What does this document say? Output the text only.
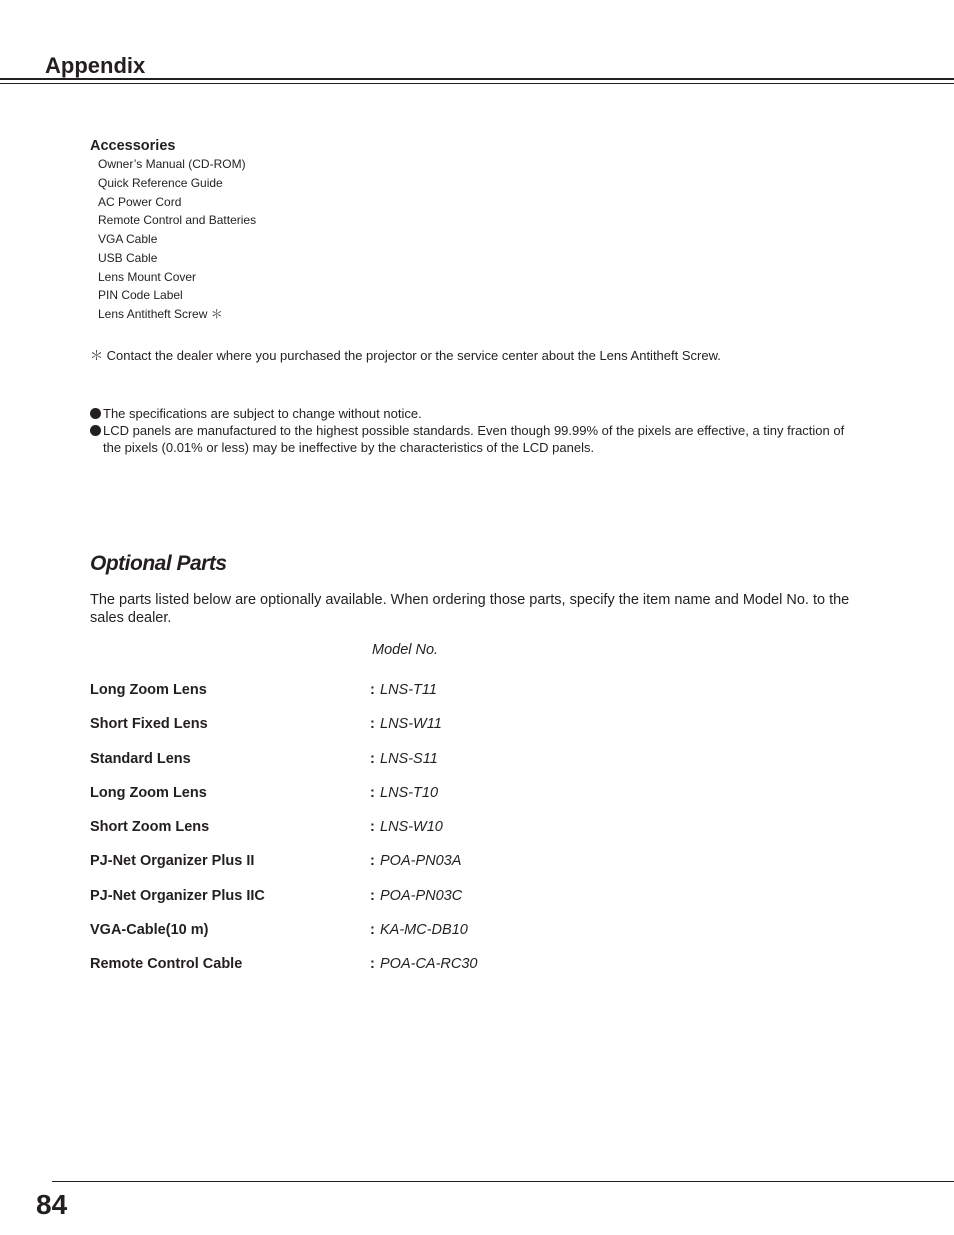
Appendix
Accessories
Owner’s Manual (CD-ROM)
Quick Reference Guide
AC Power Cord
Remote Control and Batteries
VGA Cable
USB Cable
Lens Mount Cover
PIN Code Label
Lens Antitheft Screw ＊
＊ Contact the dealer where you purchased the projector or the service center about the Lens Antitheft Screw.
The specifications are subject to change without notice.
LCD panels are manufactured to the highest possible standards. Even though 99.99% of the pixels are effective, a tiny fraction of the pixels (0.01% or less) may be ineffective by the characteristics of the LCD panels.
Optional Parts
The parts listed below are optionally available. When ordering those parts, specify the item name and Model No. to the sales dealer.
Model No.
Long Zoom Lens	: LNS-T11
Short Fixed Lens	: LNS-W11
Standard Lens	: LNS-S11
Long Zoom Lens	: LNS-T10
Short Zoom Lens	: LNS-W10
PJ-Net Organizer Plus II	: POA-PN03A
PJ-Net Organizer Plus IIC	: POA-PN03C
VGA-Cable(10 m)	: KA-MC-DB10
Remote Control Cable	: POA-CA-RC30
84
